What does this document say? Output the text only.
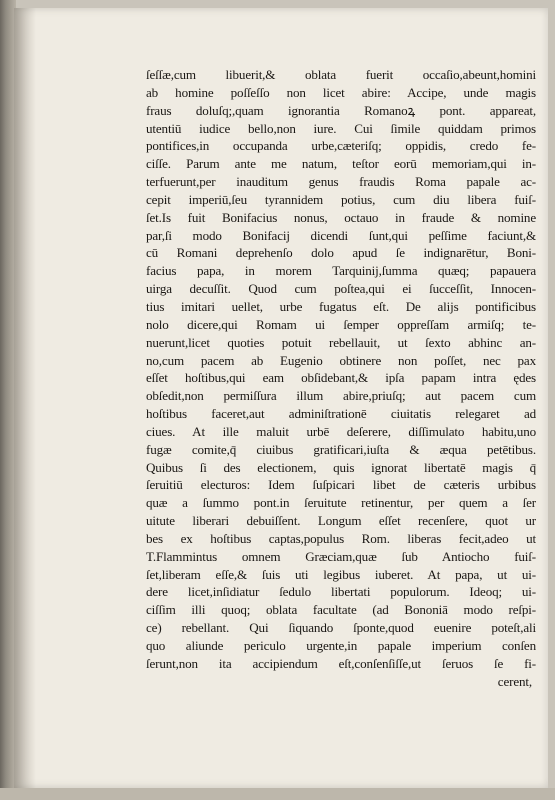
ſeſſæ,cum libuerit,& oblata fuerit occaſio,abeunt,homini
ab homine poſſeſſo non licet abire: Accipe, unde magis
fraus doluſq;,quam ignorantia Romanoꝝ pont. appareat,
utentiū iudice bello,non iure. Cui ſimile quiddam primos
pontifices,in occupanda urbe,cæteriſq; oppidis, credo fe-
ciſſe. Parum ante me natum, teſtor eorū memoriam,qui in-
terfuerunt,per inauditum genus fraudis Roma papale ac-
cepit imperiū,ſeu tyrannidem potius, cum diu libera fuiſ-
ſet.Is fuit Bonifacius nonus, octauo in fraude & nomine
par,ſi modo Bonifacij dicendi ſunt,qui peſſime faciunt,&
cū Romani deprehenſo dolo apud ſe indignarētur, Boni-
facius papa, in morem Tarquinij,ſumma quæq; papauera
uirga decuſſit. Quod cum poſtea,qui ei ſucceſſit, Innocen-
tius imitari uellet, urbe fugatus eſt. De alijs pontificibus
nolo dicere,qui Romam ui ſemper oppreſſam armiſq; te-
nuerunt,licet quoties potuit rebellauit, ut ſexto abhinc an-
no,cum pacem ab Eugenio obtinere non poſſet, nec pax
eſſet hoſtibus,qui eam obſidebant,& ipſa papam intra ędes
obſedit,non permiſſura illum abire,priuſq; aut pacem cum
hoſtibus faceret,aut adminiſtrationē ciuitatis relegaret ad
ciues. At ille maluit urbē deſerere, diſſimulato habitu,uno
fugæ comite,q̄ ciuibus gratificari,iuſta & æqua petētibus.
Quibus ſi des electionem, quis ignorat libertatē magis q̄
ſeruitiū electuros: Idem ſuſpicari libet de cæteris urbibus
quæ a ſummo pont.in ſeruitute retinentur, per quem a ſer
uitute liberari debuiſſent. Longum eſſet recenſere, quot ur
bes ex hoſtibus captas,populus Rom. liberas fecit,adeo ut
T.Flammintus omnem Græciam,quæ ſub Antiocho fuiſ-
ſet,liberam eſſe,& ſuis uti legibus iuberet. At papa, ut ui-
dere licet,inſidiatur ſedulo libertati populorum. Ideoq; ui-
ciſſim illi quoq; oblata facultate (ad Bononiā modo reſpi-
ce) rebellant. Qui ſiquando ſponte,quod euenire poteſt,ali
quo aliunde periculo urgente,in papale imperium conſen
ſerunt,non ita accipiendum eſt,conſenſiſſe,ut ſeruos ſe fi-
cerent,
